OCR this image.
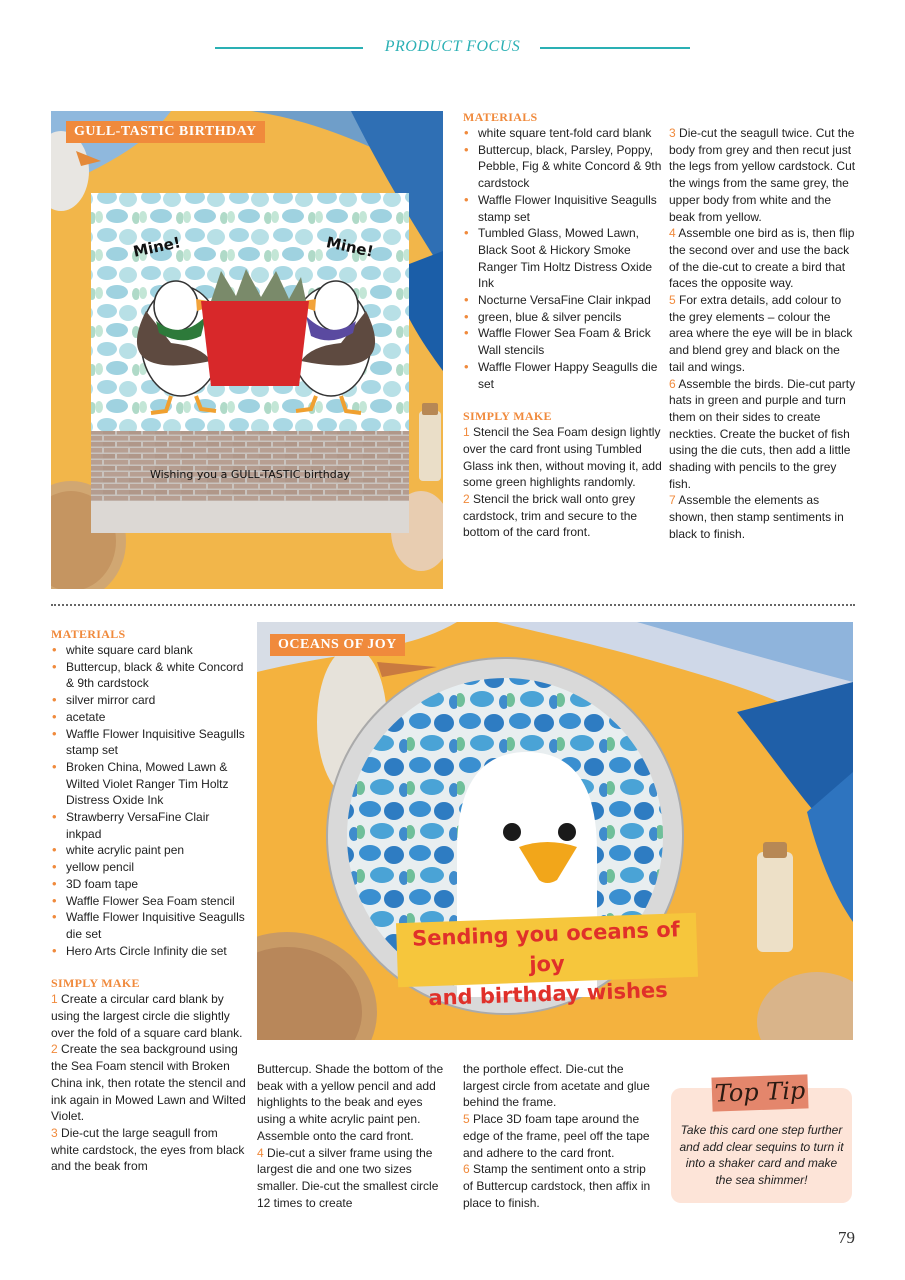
PRODUCT FOCUS
GULL-TASTIC BIRTHDAY
Mine!	Mine!
Wishing you a GULL-TASTIC birthday
MATERIALS
• white square tent-fold card blank
• Buttercup, black, Parsley, Poppy, Pebble, Fig & white Concord & 9th cardstock
• Waffle Flower Inquisitive Seagulls stamp set
• Tumbled Glass, Mowed Lawn, Black Soot & Hickory Smoke Ranger Tim Holtz Distress Oxide Ink
• Nocturne VersaFine Clair inkpad
• green, blue & silver pencils
• Waffle Flower Sea Foam & Brick Wall stencils
• Waffle Flower Happy Seagulls die set
SIMPLY MAKE
1 Stencil the Sea Foam design lightly over the card front using Tumbled Glass ink then, without moving it, add some green highlights randomly.
2 Stencil the brick wall onto grey cardstock, trim and secure to the bottom of the card front.
3 Die-cut the seagull twice. Cut the body from grey and then recut just the legs from yellow cardstock. Cut the wings from the same grey, the upper body from white and the beak from yellow.
4 Assemble one bird as is, then flip the second over and use the back of the die-cut to create a bird that faces the opposite way.
5 For extra details, add colour to the grey elements – colour the area where the eye will be in black and blend grey and black on the tail and wings.
6 Assemble the birds. Die-cut party hats in green and purple and turn them on their sides to create neckties. Create the bucket of fish using the die cuts, then add a little shading with pencils to the grey fish.
7 Assemble the elements as shown, then stamp sentiments in black to finish.
MATERIALS
• white square card blank
• Buttercup, black & white Concord & 9th cardstock
• silver mirror card
• acetate
• Waffle Flower Inquisitive Seagulls stamp set
• Broken China, Mowed Lawn & Wilted Violet Ranger Tim Holtz Distress Oxide Ink
• Strawberry VersaFine Clair inkpad
• white acrylic paint pen
• yellow pencil
• 3D foam tape
• Waffle Flower Sea Foam stencil
• Waffle Flower Inquisitive Seagulls die set
• Hero Arts Circle Infinity die set
SIMPLY MAKE
1 Create a circular card blank by using the largest circle die slightly over the fold of a square card blank.
2 Create the sea background using the Sea Foam stencil with Broken China ink, then rotate the stencil and ink again in Mowed Lawn and Wilted Violet.
3 Die-cut the large seagull from white cardstock, the eyes from black and the beak from
OCEANS OF JOY
Sending you oceans of joy
and birthday wishes
Buttercup. Shade the bottom of the beak with a yellow pencil and add highlights to the beak and eyes using a white acrylic paint pen. Assemble onto the card front.
4 Die-cut a silver frame using the largest die and one two sizes smaller. Die-cut the smallest circle 12 times to create
the porthole effect. Die-cut the largest circle from acetate and glue behind the frame.
5 Place 3D foam tape around the edge of the frame, peel off the tape and adhere to the card front.
6 Stamp the sentiment onto a strip of Buttercup cardstock, then affix in place to finish.
Top Tip
Take this card one step further and add clear sequins to turn it into a shaker card and make the sea shimmer!
79
